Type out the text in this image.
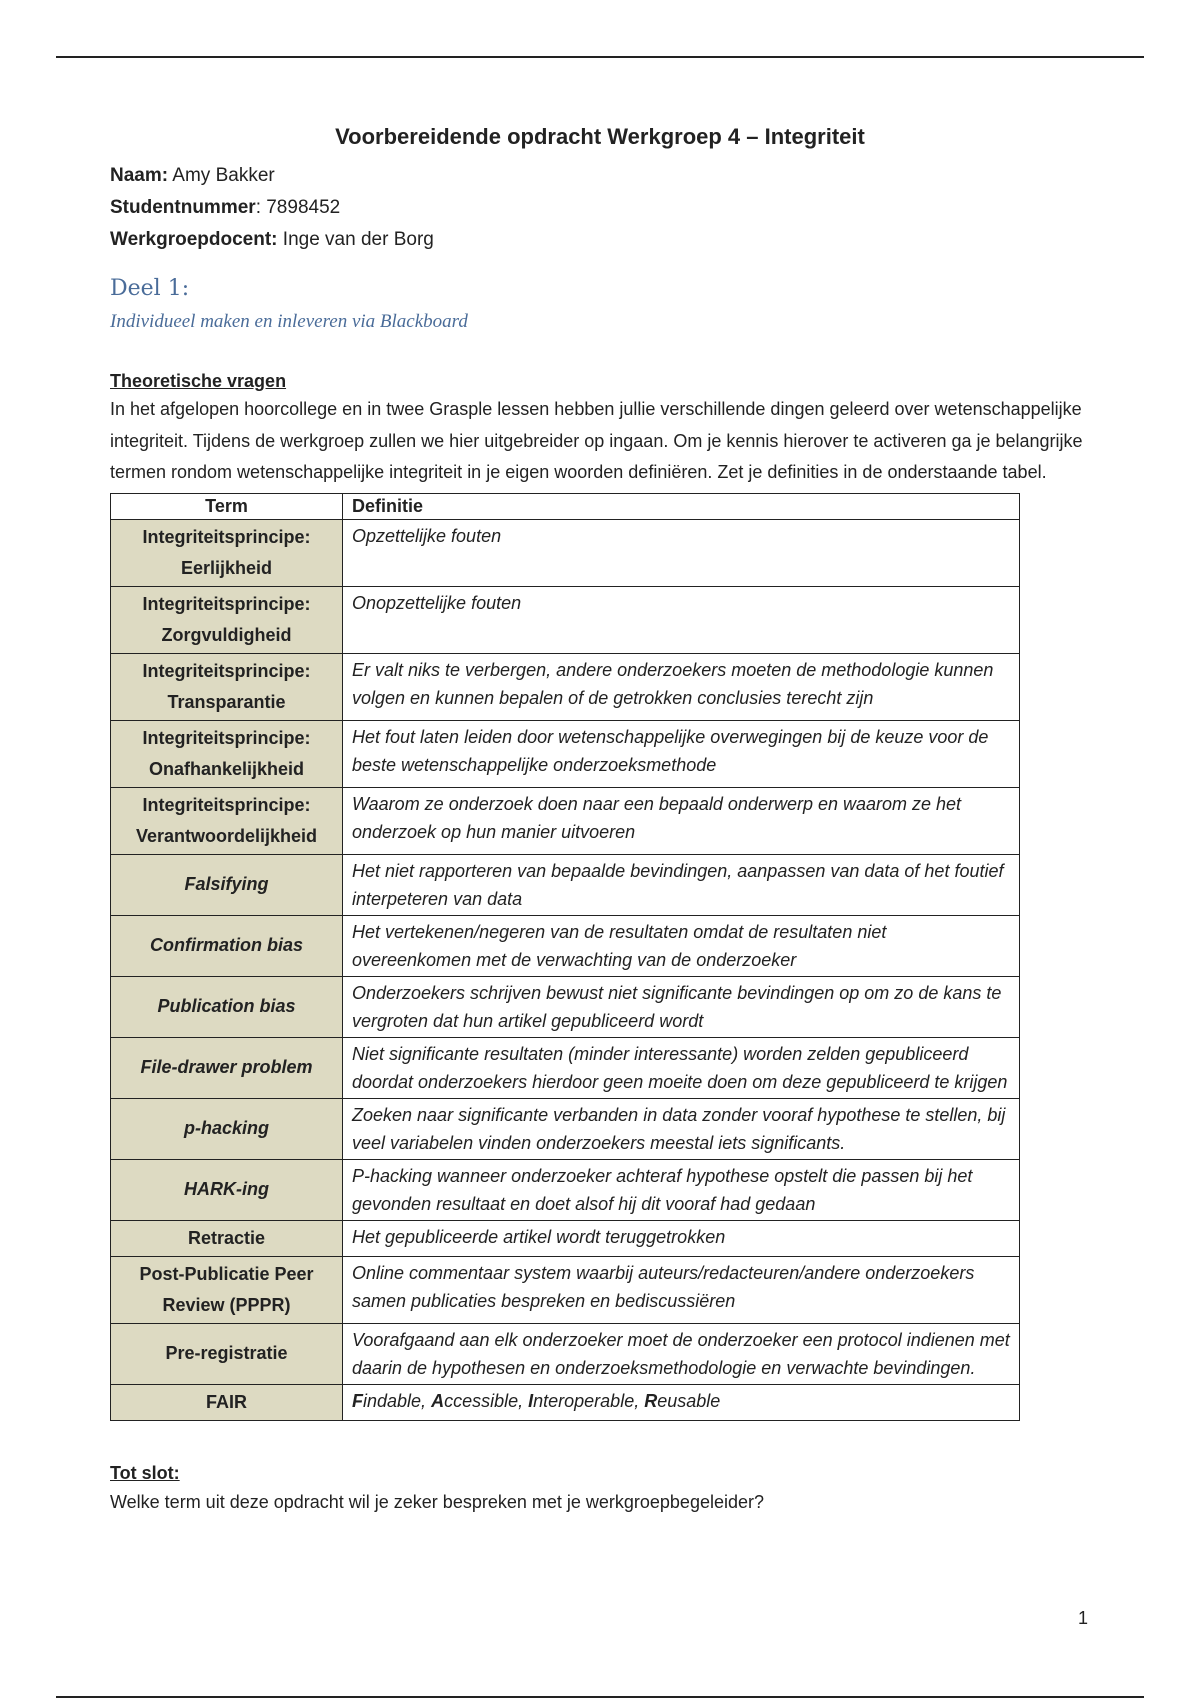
Voorbereidende opdracht Werkgroep 4 – Integriteit
Naam: Amy Bakker
Studentnummer: 7898452
Werkgroepdocent: Inge van der Borg
Deel 1:
Individueel maken en inleveren via Blackboard
Theoretische vragen

In het afgelopen hoorcollege en in twee Grasple lessen hebben jullie verschillende dingen geleerd over wetenschappelijke integriteit. Tijdens de werkgroep zullen we hier uitgebreider op ingaan. Om je kennis hierover te activeren ga je belangrijke termen rondom wetenschappelijke integriteit in je eigen woorden definiëren. Zet je definities in de onderstaande tabel.

Term	Definitie
Integriteitsprincipe: Eerlijkheid	Opzettelijke fouten
Integriteitsprincipe: Zorgvuldigheid	Onopzettelijke fouten
Integriteitsprincipe: Transparantie	Er valt niks te verbergen, andere onderzoekers moeten de methodologie kunnen volgen en kunnen bepalen of de getrokken conclusies terecht zijn
Integriteitsprincipe: Onafhankelijkheid	Het fout laten leiden door wetenschappelijke overwegingen bij de keuze voor de beste wetenschappelijke onderzoeksmethode
Integriteitsprincipe: Verantwoordelijkheid	Waarom ze onderzoek doen naar een bepaald onderwerp en waarom ze het onderzoek op hun manier uitvoeren
Falsifying	Het niet rapporteren van bepaalde bevindingen, aanpassen van data of het foutief interpeteren van data
Confirmation bias	Het vertekenen/negeren van de resultaten omdat de resultaten niet overeenkomen met de verwachting van de onderzoeker
Publication bias	Onderzoekers schrijven bewust niet significante bevindingen op om zo de kans te vergroten dat hun artikel gepubliceerd wordt
File-drawer problem	Niet significante resultaten (minder interessante) worden zelden gepubliceerd doordat onderzoekers hierdoor geen moeite doen om deze gepubliceerd te krijgen
p-hacking	Zoeken naar significante verbanden in data zonder vooraf hypothese te stellen, bij veel variabelen vinden onderzoekers meestal iets significants.
HARK-ing	P-hacking wanneer onderzoeker achteraf hypothese opstelt die passen bij het gevonden resultaat en doet alsof hij dit vooraf had gedaan
Retractie	Het gepubliceerde artikel wordt teruggetrokken
Post-Publicatie Peer Review (PPPR)	Online commentaar system waarbij auteurs/redacteuren/andere onderzoekers samen publicaties bespreken en bediscussiëren
Pre-registratie	Voorafgaand aan elk onderzoeker moet de onderzoeker een protocol indienen met daarin de hypothesen en onderzoeksmethodologie en verwachte bevindingen.
FAIR	Findable, Accessible, Interoperable, Reusable
Tot slot:
Welke term uit deze opdracht wil je zeker bespreken met je werkgroepbegeleider?
1
